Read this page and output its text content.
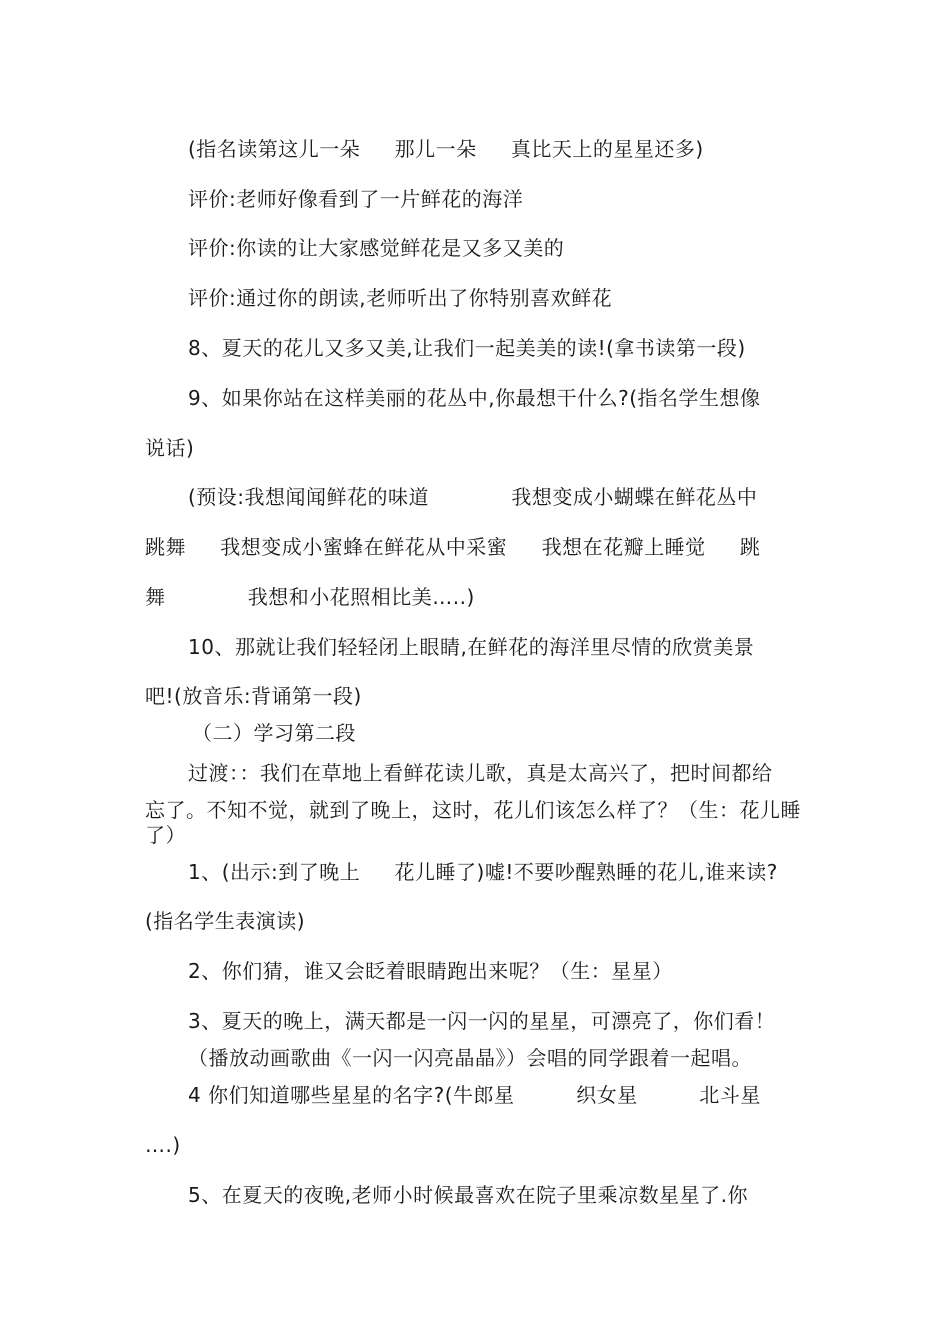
(指名读第这儿一朵     那儿一朵     真比天上的星星还多)

评价:老师好像看到了一片鲜花的海洋

评价:你读的让大家感觉鲜花是又多又美的

评价:通过你的朗读,老师听出了你特别喜欢鲜花

8、夏天的花儿又多又美,让我们一起美美的读!(拿书读第一段)

9、如果你站在这样美丽的花丛中,你最想干什么?(指名学生想像

说话)

(预设:我想闻闻鲜花的味道            我想变成小蝴蝶在鲜花丛中

跳舞     我想变成小蜜蜂在鲜花从中采蜜     我想在花瓣上睡觉     跳

舞            我想和小花照相比美…..)

10、那就让我们轻轻闭上眼睛,在鲜花的海洋里尽情的欣赏美景

吧!(放音乐:背诵第一段)

（二）学习第二段

过渡：：我们在草地上看鲜花读儿歌，真是太高兴了，把时间都给

忘了。不知不觉，就到了晚上，这时，花儿们该怎么样了？（生：花儿睡

了）

1、(出示:到了晚上     花儿睡了)嘘!不要吵醒熟睡的花儿,谁来读?

(指名学生表演读)

2、你们猜，谁又会眨着眼睛跑出来呢？（生：星星）

3、夏天的晚上，满天都是一闪一闪的星星，可漂亮了，你们看！

（播放动画歌曲《一闪一闪亮晶晶》）会唱的同学跟着一起唱。

4 你们知道哪些星星的名字?(牛郎星         织女星         北斗星

….)

5、在夏天的夜晚,老师小时候最喜欢在院子里乘凉数星星了.你
